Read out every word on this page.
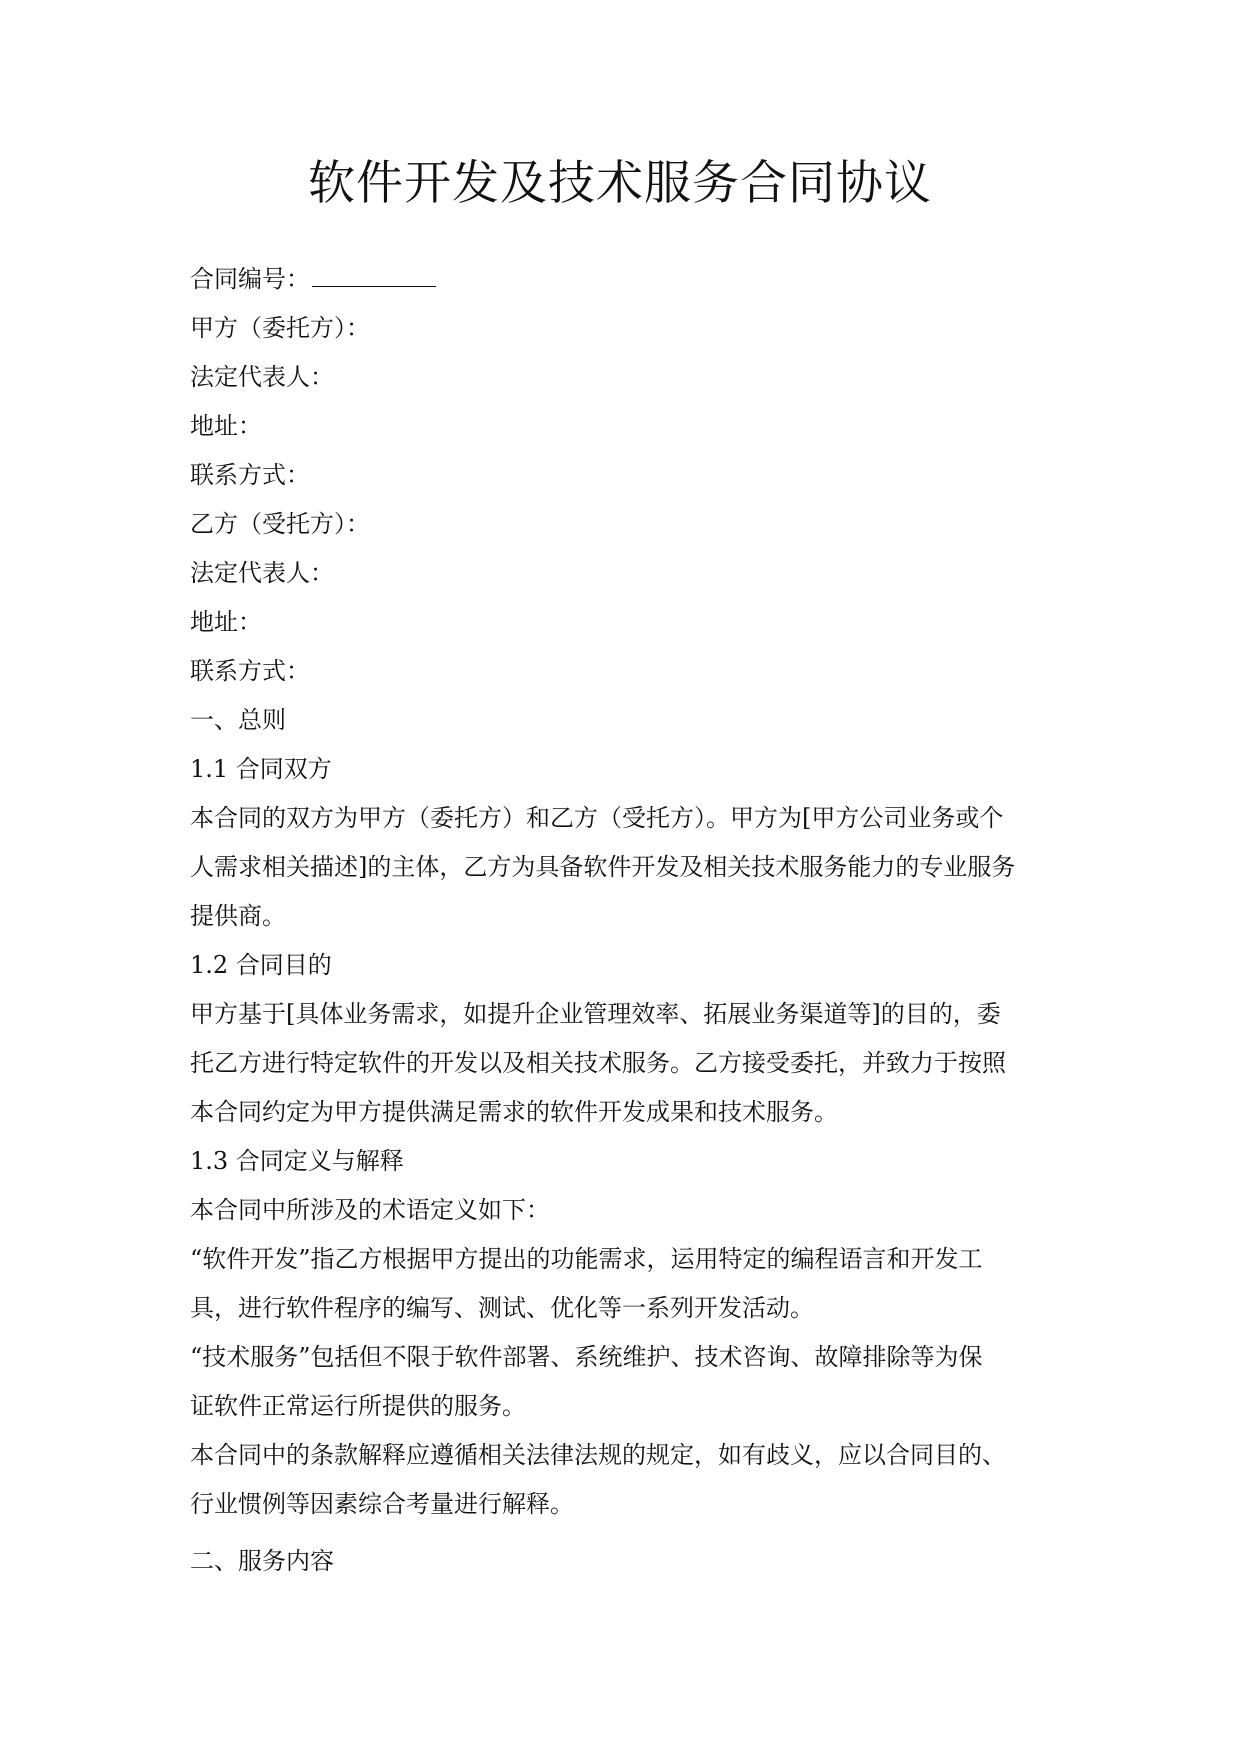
软件开发及技术服务合同协议
合同编号：
甲方（委托方）：
法定代表人：
地址：
联系方式：
乙方（受托方）：
法定代表人：
地址：
联系方式：
一、总则
1.1 合同双方
本合同的双方为甲方（委托方）和乙方（受托方）。甲方为[甲方公司业务或个
人需求相关描述]的主体，乙方为具备软件开发及相关技术服务能力的专业服务
提供商。
1.2 合同目的
甲方基于[具体业务需求，如提升企业管理效率、拓展业务渠道等]的目的，委
托乙方进行特定软件的开发以及相关技术服务。乙方接受委托，并致力于按照
本合同约定为甲方提供满足需求的软件开发成果和技术服务。
1.3 合同定义与解释
本合同中所涉及的术语定义如下：
“软件开发”指乙方根据甲方提出的功能需求，运用特定的编程语言和开发工
具，进行软件程序的编写、测试、优化等一系列开发活动。
“技术服务”包括但不限于软件部署、系统维护、技术咨询、故障排除等为保
证软件正常运行所提供的服务。
本合同中的条款解释应遵循相关法律法规的规定，如有歧义，应以合同目的、
行业惯例等因素综合考量进行解释。
二、服务内容
